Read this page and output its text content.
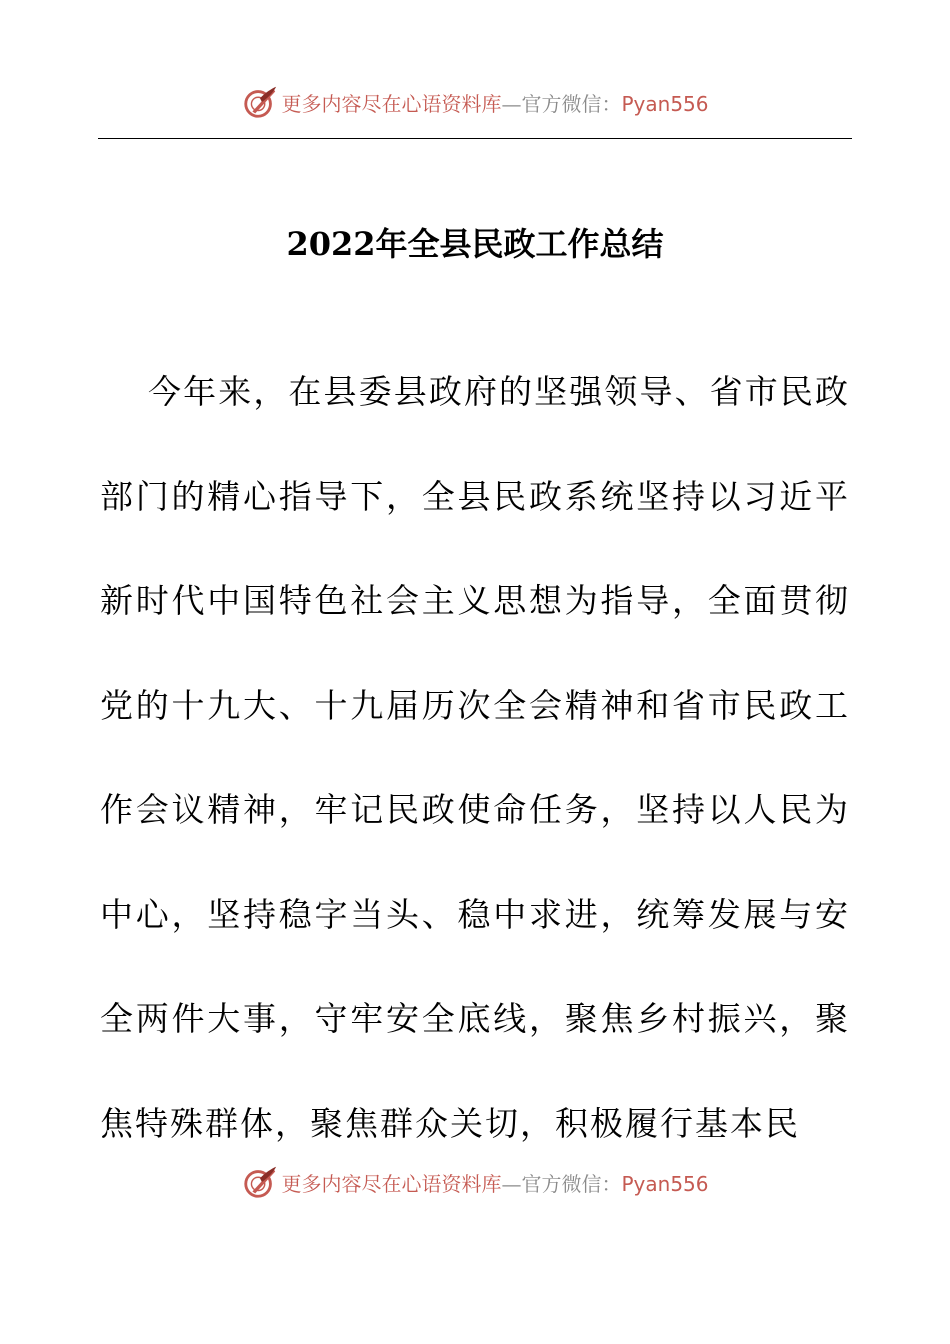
更多内容尽在心语资料库—官方微信：Pyan556
2022年全县民政工作总结

今年来，在县委县政府的坚强领导、省市民政部门的精心指导下，全县民政系统坚持以习近平新时代中国特色社会主义思想为指导，全面贯彻党的十九大、十九届历次全会精神和省市民政工作会议精神，牢记民政使命任务，坚持以人民为中心，坚持稳字当头、稳中求进，统筹发展与安全两件大事，守牢安全底线，聚焦乡村振兴，聚焦特殊群体，聚焦群众关切，积极履行基本民

更多内容尽在心语资料库—官方微信：Pyan556
